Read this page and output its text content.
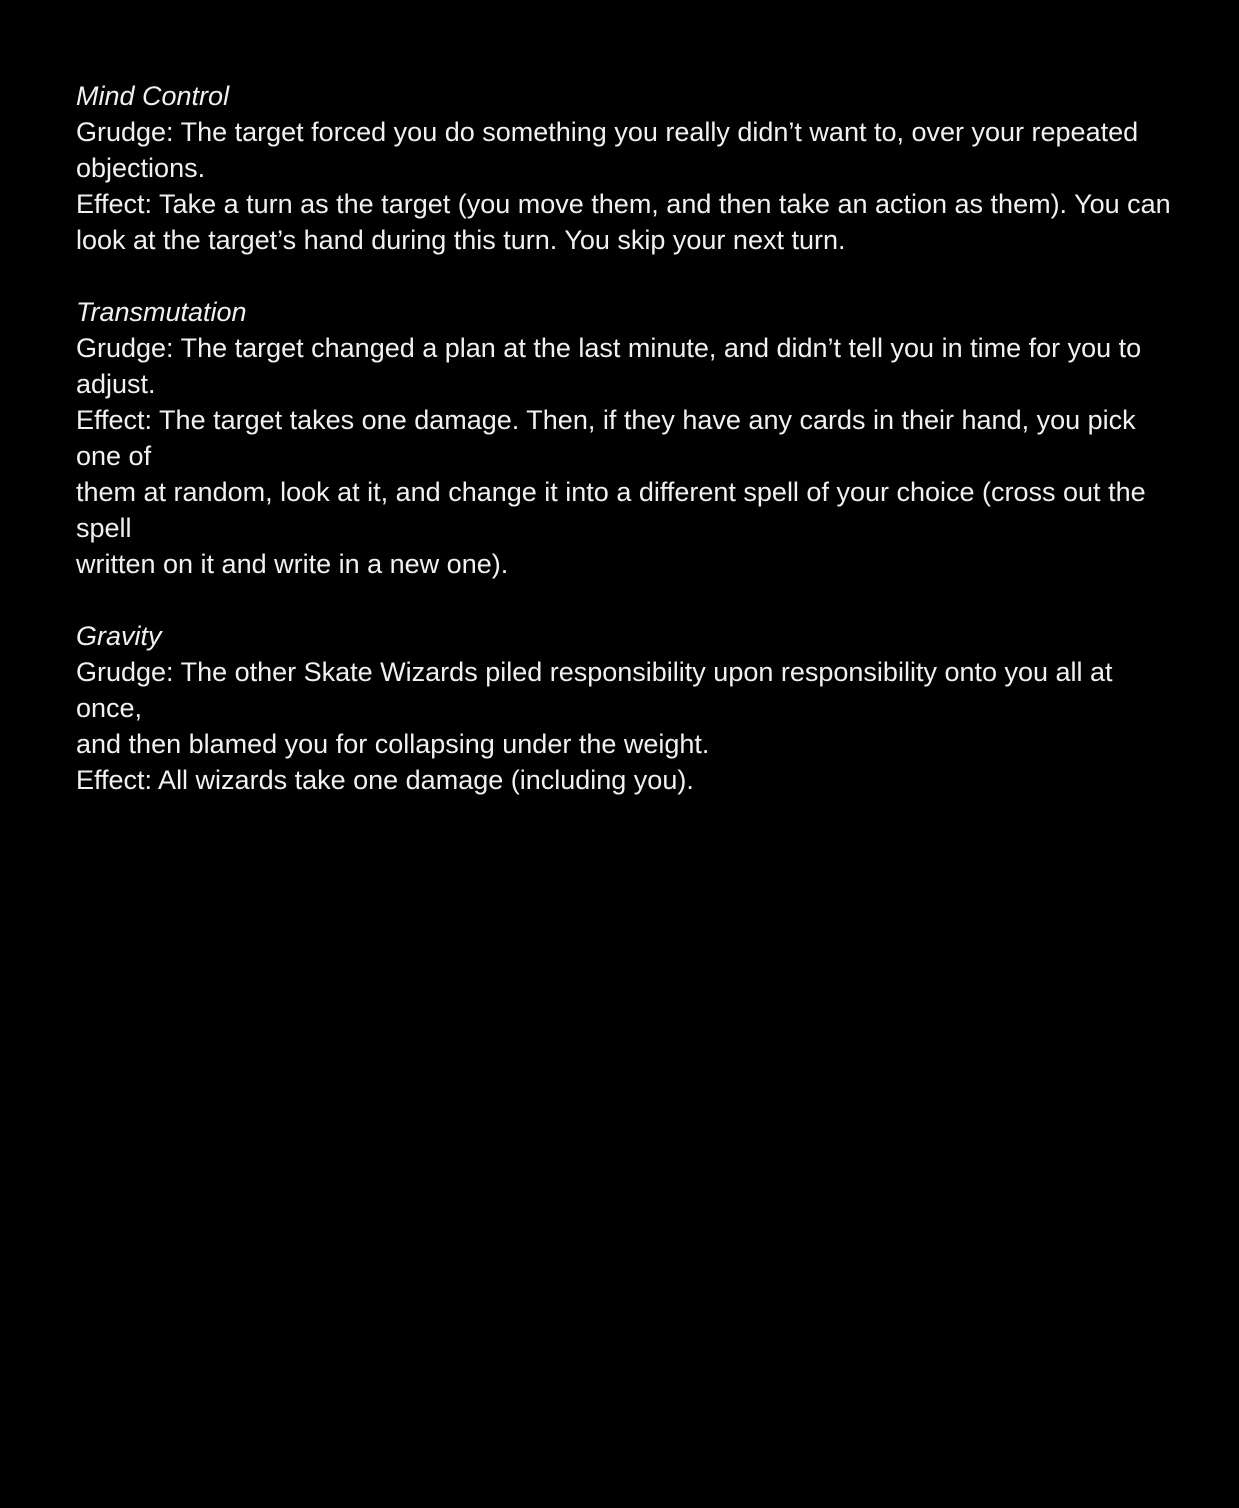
Mind Control

Grudge: The target forced you do something you really didn’t want to, over your repeated

objections.

Effect: Take a turn as the target (you move them, and then take an action as them). You can

look at the target’s hand during this turn. You skip your next turn.

Transmutation

Grudge: The target changed a plan at the last minute, and didn’t tell you in time for you to

adjust.

Effect: The target takes one damage. Then, if they have any cards in their hand, you pick one of

them at random, look at it, and change it into a different spell of your choice (cross out the spell

written on it and write in a new one).

Gravity

Grudge: The other Skate Wizards piled responsibility upon responsibility onto you all at once,

and then blamed you for collapsing under the weight.

Effect: All wizards take one damage (including you).
